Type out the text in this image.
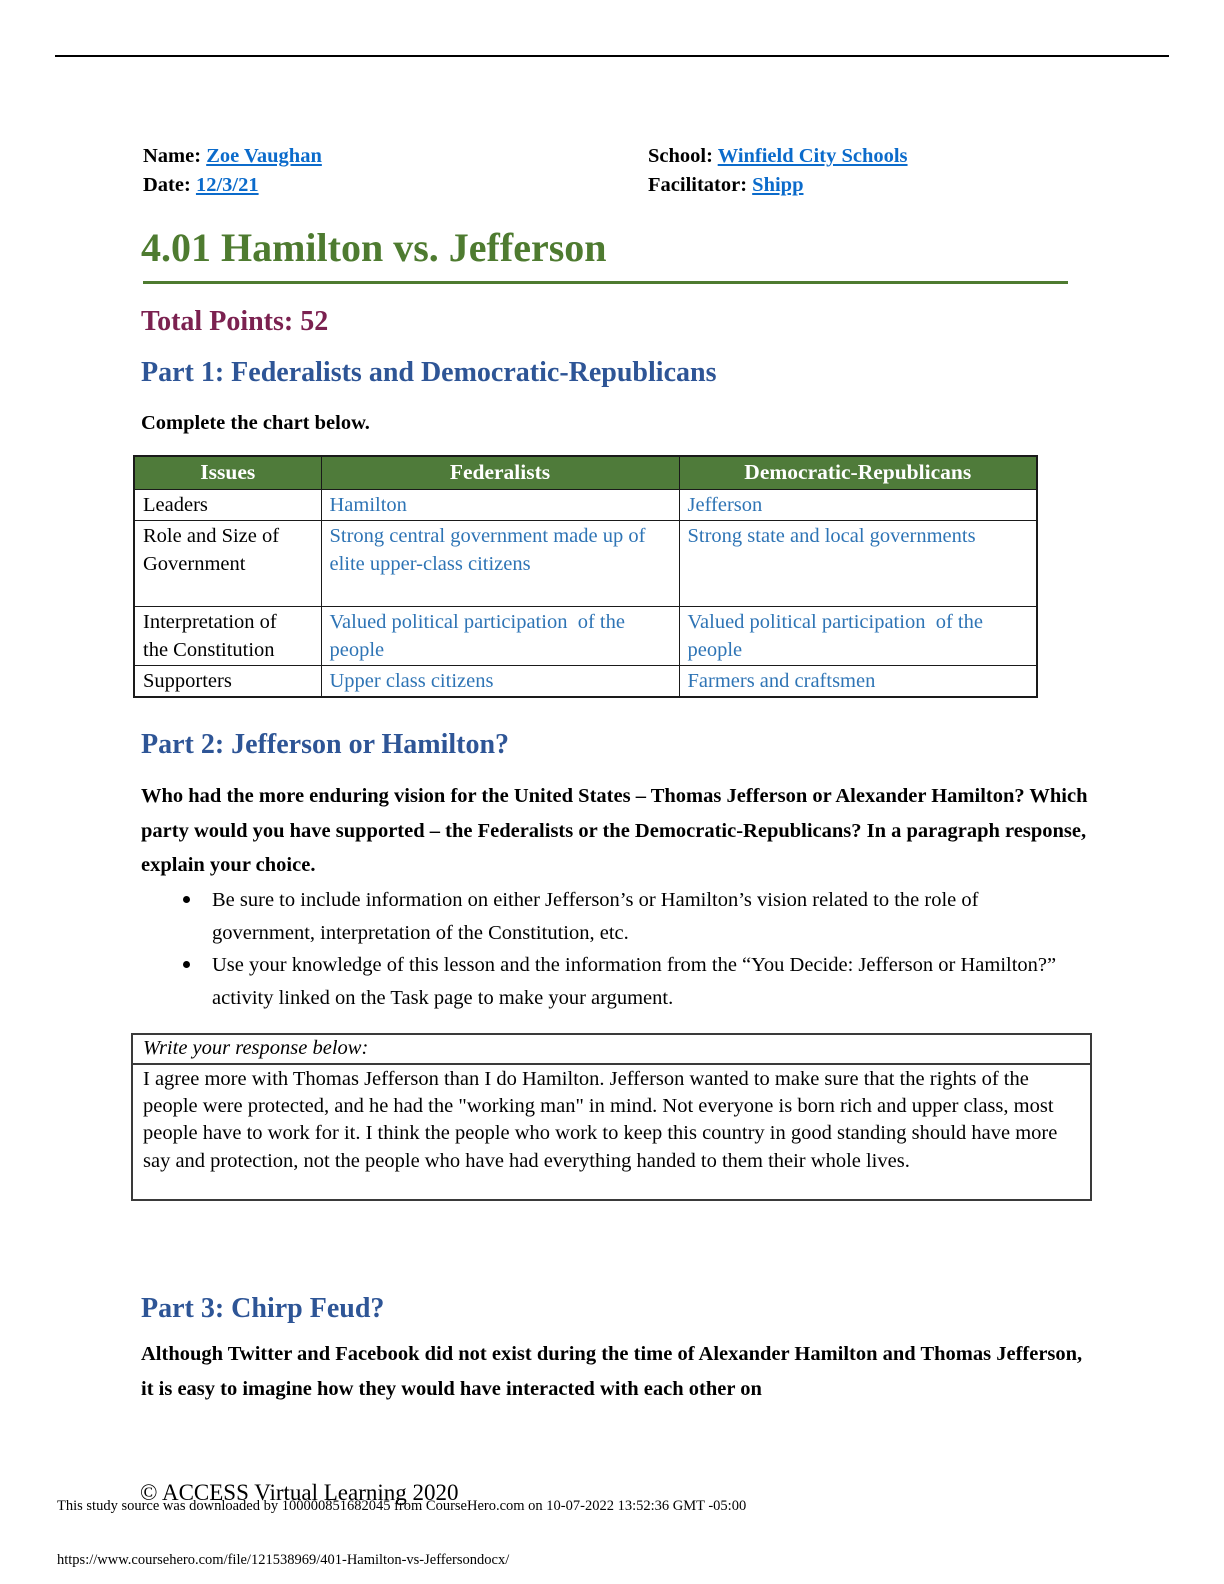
Name: Zoe Vaughan	School: Winfield City Schools
Date: 12/3/21	Facilitator: Shipp
4.01 Hamilton vs. Jefferson
Total Points: 52
Part 1: Federalists and Democratic-Republicans
Complete the chart below.
Issues	Federalists	Democratic-Republicans
Leaders	Hamilton	Jefferson
Role and Size of Government	Strong central government made up of elite upper-class citizens	Strong state and local governments
Interpretation of the Constitution	Valued political participation  of the people	Valued political participation  of the people
Supporters	Upper class citizens	Farmers and craftsmen
Part 2: Jefferson or Hamilton?
Who had the more enduring vision for the United States – Thomas Jefferson or Alexander Hamilton? Which party would you have supported – the Federalists or the Democratic-Republicans? In a paragraph response, explain your choice.
Be sure to include information on either Jefferson’s or Hamilton’s vision related to the role of government, interpretation of the Constitution, etc.
Use your knowledge of this lesson and the information from the “You Decide: Jefferson or Hamilton?” activity linked on the Task page to make your argument.
Write your response below:
I agree more with Thomas Jefferson than I do Hamilton. Jefferson wanted to make sure that the rights of the people were protected, and he had the "working man" in mind. Not everyone is born rich and upper class, most people have to work for it. I think the people who work to keep this country in good standing should have more say and protection, not the people who have had everything handed to them their whole lives.
Part 3: Chirp Feud?
Although Twitter and Facebook did not exist during the time of Alexander Hamilton and Thomas Jefferson, it is easy to imagine how they would have interacted with each other on
© ACCESS Virtual Learning 2020
This study source was downloaded by 100000851682045 from CourseHero.com on 10-07-2022 13:52:36 GMT -05:00
https://www.coursehero.com/file/121538969/401-Hamilton-vs-Jeffersondocx/
